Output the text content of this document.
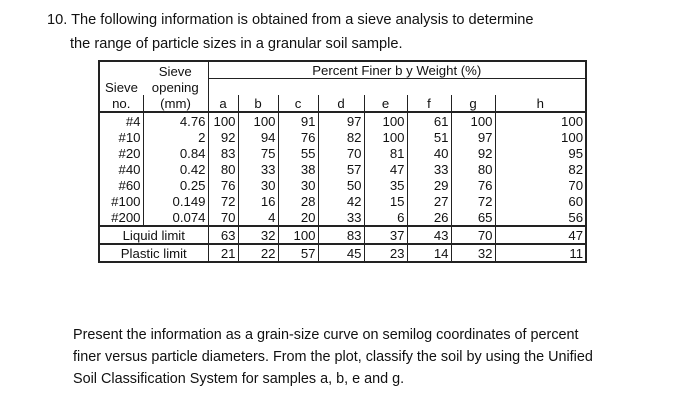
10. The following information is obtained from a sieve analysis to determine
the range of particle sizes in a granular soil sample.
	Sieve	Percent Finer b y Weight (%)							
Sieve	opening								
no.	(mm)	a	b	c	d	e	f	g	h
#4	4.76	100	100	91	97	100	61	100	100
#10	2	92	94	76	82	100	51	97	100
#20	0.84	83	75	55	70	81	40	92	95
#40	0.42	80	33	38	57	47	33	80	82
#60	0.25	76	30	30	50	35	29	76	70
#100	0.149	72	16	28	42	15	27	72	60
#200	0.074	70	4	20	33	6	26	65	56
Liquid limit		63	32	100	83	37	43	70	47
Plastic limit		21	22	57	45	23	14	32	11
Present the information as a grain-size curve on semilog coordinates of percent
finer versus particle diameters. From the plot, classify the soil by using the Unified
Soil Classification System for samples a, b, e and g.
